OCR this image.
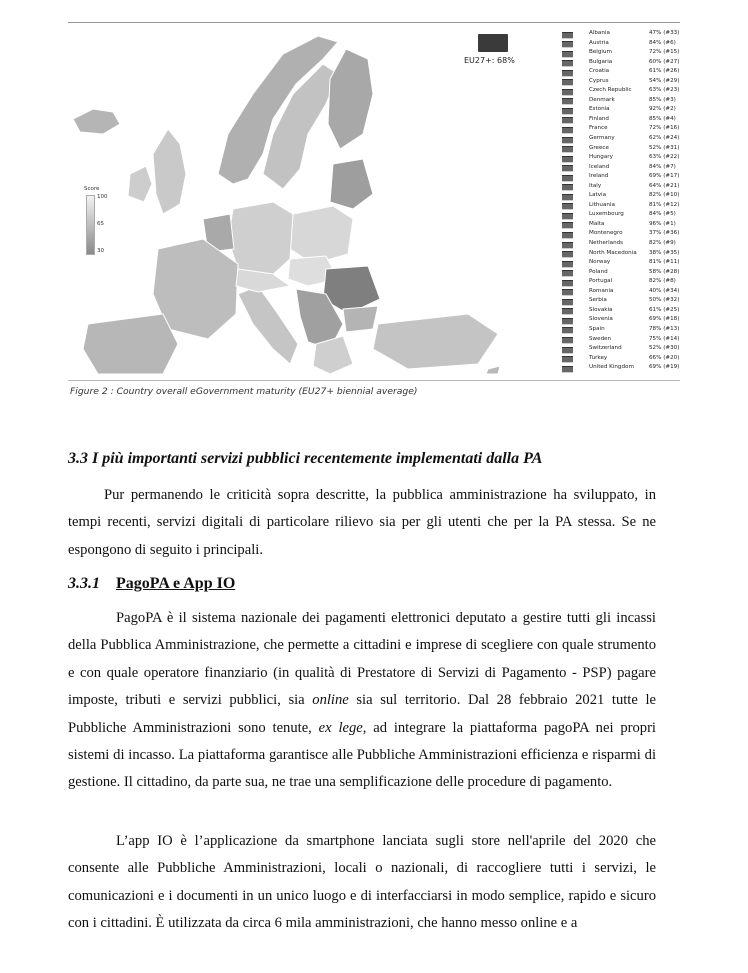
EU27+: 68%
Score
100
65
30
Albania	47% (#33)
Austria	84% (#6)
Belgium	72% (#15)
Bulgaria	60% (#27)
Croatia	61% (#26)
Cyprus	54% (#29)
Czech Republic	63% (#23)
Denmark	85% (#3)
Estonia	92% (#2)
Finland	85% (#4)
France	72% (#16)
Germany	62% (#24)
Greece	52% (#31)
Hungary	63% (#22)
Iceland	84% (#7)
Ireland	69% (#17)
Italy	64% (#21)
Latvia	82% (#10)
Lithuania	81% (#12)
Luxembourg	84% (#5)
Malta	96% (#1)
Montenegro	37% (#36)
Netherlands	82% (#9)
North Macedonia 38% (#35)
Norway	81% (#11)
Poland	58% (#28)
Portugal	82% (#8)
Romania	40% (#34)
Serbia	50% (#32)
Slovakia	61% (#25)
Slovenia	69% (#18)
Spain	78% (#13)
Sweden	75% (#14)
Switzerland	52% (#30)
Turkey	66% (#20)
United Kingdom	69% (#19)
Figure 2 : Country overall eGovernment maturity (EU27+ biennial average)
3.3 I più importanti servizi pubblici recentemente implementati dalla PA

Pur permanendo le criticità sopra descritte, la pubblica amministrazione ha sviluppato, in tempi recenti, servizi digitali di particolare rilievo sia per gli utenti che per la PA stessa. Se ne espongono di seguito i principali.

3.3.1 PagoPA e App IO

PagoPA è il sistema nazionale dei pagamenti elettronici deputato a gestire tutti gli incassi della Pubblica Amministrazione, che permette a cittadini e imprese di scegliere con quale strumento e con quale operatore finanziario (in qualità di Prestatore di Servizi di Pagamento - PSP) pagare imposte, tributi e servizi pubblici, sia online sia sul territorio. Dal 28 febbraio 2021 tutte le Pubbliche Amministrazioni sono tenute, ex lege, ad integrare la piattaforma pagoPA nei propri sistemi di incasso. La piattaforma garantisce alle Pubbliche Amministrazioni efficienza e risparmi di gestione. Il cittadino, da parte sua, ne trae una semplificazione delle procedure di pagamento.

L’app IO è l’applicazione da smartphone lanciata sugli store nell'aprile del 2020 che consente alle Pubbliche Amministrazioni, locali o nazionali, di raccogliere tutti i servizi, le comunicazioni e i documenti in un unico luogo e di interfacciarsi in modo semplice, rapido e sicuro con i cittadini. È utilizzata da circa 6 mila amministrazioni, che hanno messo online e a
